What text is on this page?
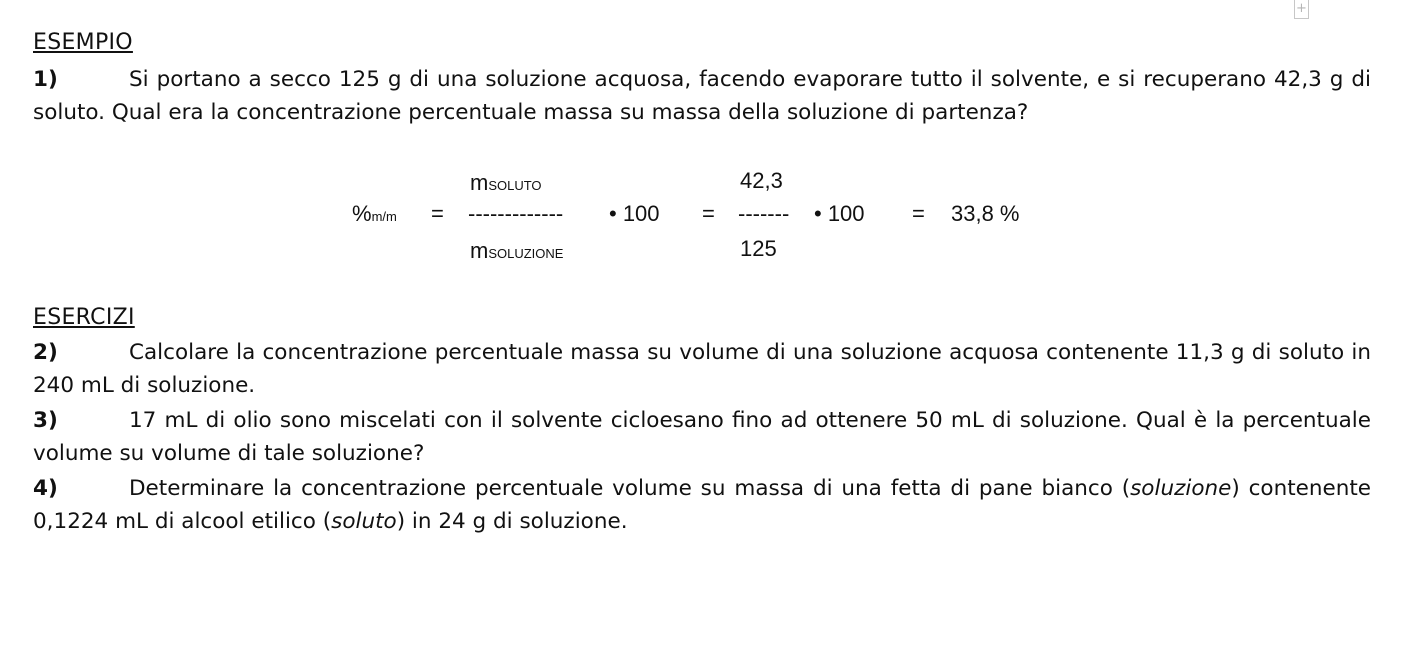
+
ESEMPIO
1)	Si portano a secco 125 g di una soluzione acquosa, facendo evaporare tutto il solvente, e si recuperano 42,3 g di soluto. Qual era la concentrazione percentuale massa su massa della soluzione di partenza?
%m/m =
mSOLUTO
------------- • 100
mSOLUZIONE
=
42,3
------- • 100
125
= 33,8 %
ESERCIZI
2)	Calcolare la concentrazione percentuale massa su volume di una soluzione acquosa contenente 11,3 g di soluto in 240 mL di soluzione.
3)	17 mL di olio sono miscelati con il solvente cicloesano fino ad ottenere 50 mL di soluzione. Qual è la percentuale volume su volume di tale soluzione?
4)	Determinare la concentrazione percentuale volume su massa di una fetta di pane bianco (soluzione) contenente 0,1224 mL di alcool etilico (soluto) in 24 g di soluzione.
